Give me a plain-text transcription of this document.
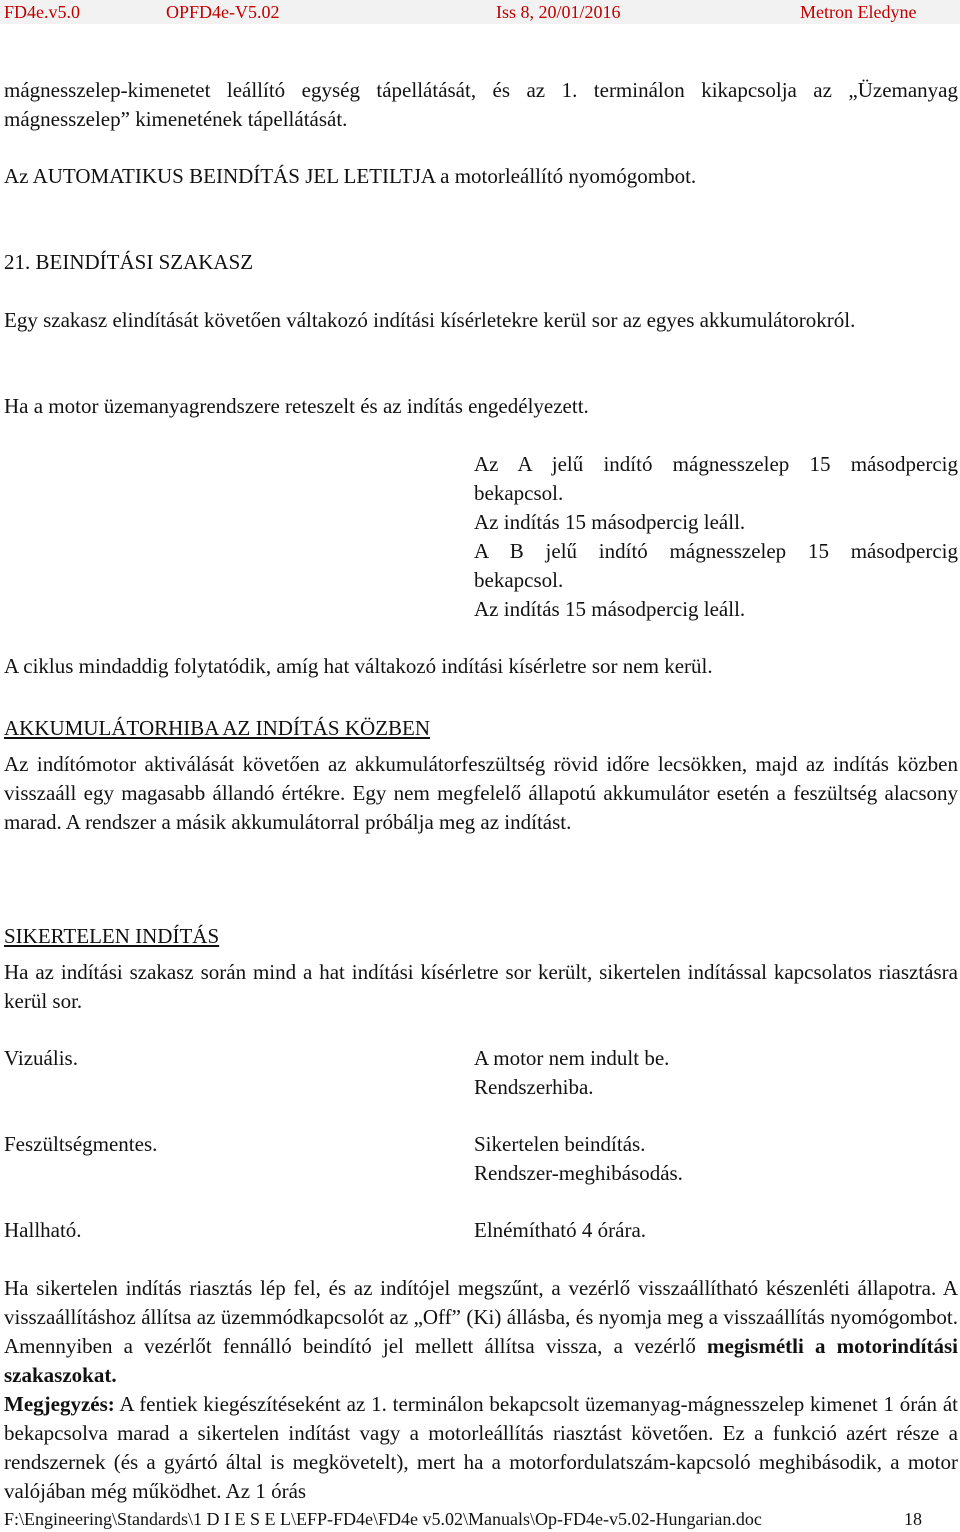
FD4e.v5.0	OPFD4e-V5.02	Iss 8, 20/01/2016	Metron Eledyne

mágnesszelep-kimenetet leállító egység tápellátását, és az 1. terminálon kikapcsolja az „Üzemanyag mágnesszelep” kimenetének tápellátását.

Az AUTOMATIKUS BEINDÍTÁS JEL LETILTJA a motorleállító nyomógombot.

21. BEINDÍTÁSI SZAKASZ

Egy szakasz elindítását követően váltakozó indítási kísérletekre kerül sor az egyes akkumulátorokról.

Ha a motor üzemanyagrendszere reteszelt és az indítás engedélyezett.

Az A jelű indító mágnesszelep 15 másodpercig
bekapcsol.
Az indítás 15 másodpercig leáll.
A B jelű indító mágnesszelep 15 másodpercig
bekapcsol.
Az indítás 15 másodpercig leáll.

A ciklus mindaddig folytatódik, amíg hat váltakozó indítási kísérletre sor nem kerül.

AKKUMULÁTORHIBA AZ INDÍTÁS KÖZBEN

Az indítómotor aktiválását követően az akkumulátorfeszültség rövid időre lecsökken, majd az indítás közben visszaáll egy magasabb állandó értékre. Egy nem megfelelő állapotú akkumulátor esetén a feszültség alacsony marad. A rendszer a másik akkumulátorral próbálja meg az indítást.

SIKERTELEN INDÍTÁS

Ha az indítási szakasz során mind a hat indítási kísérletre sor került, sikertelen indítással kapcsolatos riasztásra kerül sor.

Vizuális.	A motor nem indult be.
Rendszerhiba.
Feszültségmentes.	Sikertelen beindítás.
Rendszer-meghibásodás.
Hallható.	Elnémítható 4 órára.

Ha sikertelen indítás riasztás lép fel, és az indítójel megszűnt, a vezérlő visszaállítható készenléti állapotra. A visszaállításhoz állítsa az üzemmódkapcsolót az „Off” (Ki) állásba, és nyomja meg a visszaállítás nyomógombot. Amennyiben a vezérlőt fennálló beindító jel mellett állítsa vissza, a vezérlő megismétli a motorindítási szakaszokat.

Megjegyzés: A fentiek kiegészítéseként az 1. terminálon bekapcsolt üzemanyag-mágnesszelep kimenet 1 órán át bekapcsolva marad a sikertelen indítást vagy a motorleállítás riasztást követően. Ez a funkció azért része a rendszernek (és a gyártó által is megkövetelt), mert ha a motorfordulatszám-kapcsoló meghibásodik, a motor valójában még működhet. Az 1 órás

F:\Engineering\Standards\1 D I E S E L\EFP-FD4e\FD4e v5.02\Manuals\Op-FD4e-v5.02-Hungarian.doc	18
